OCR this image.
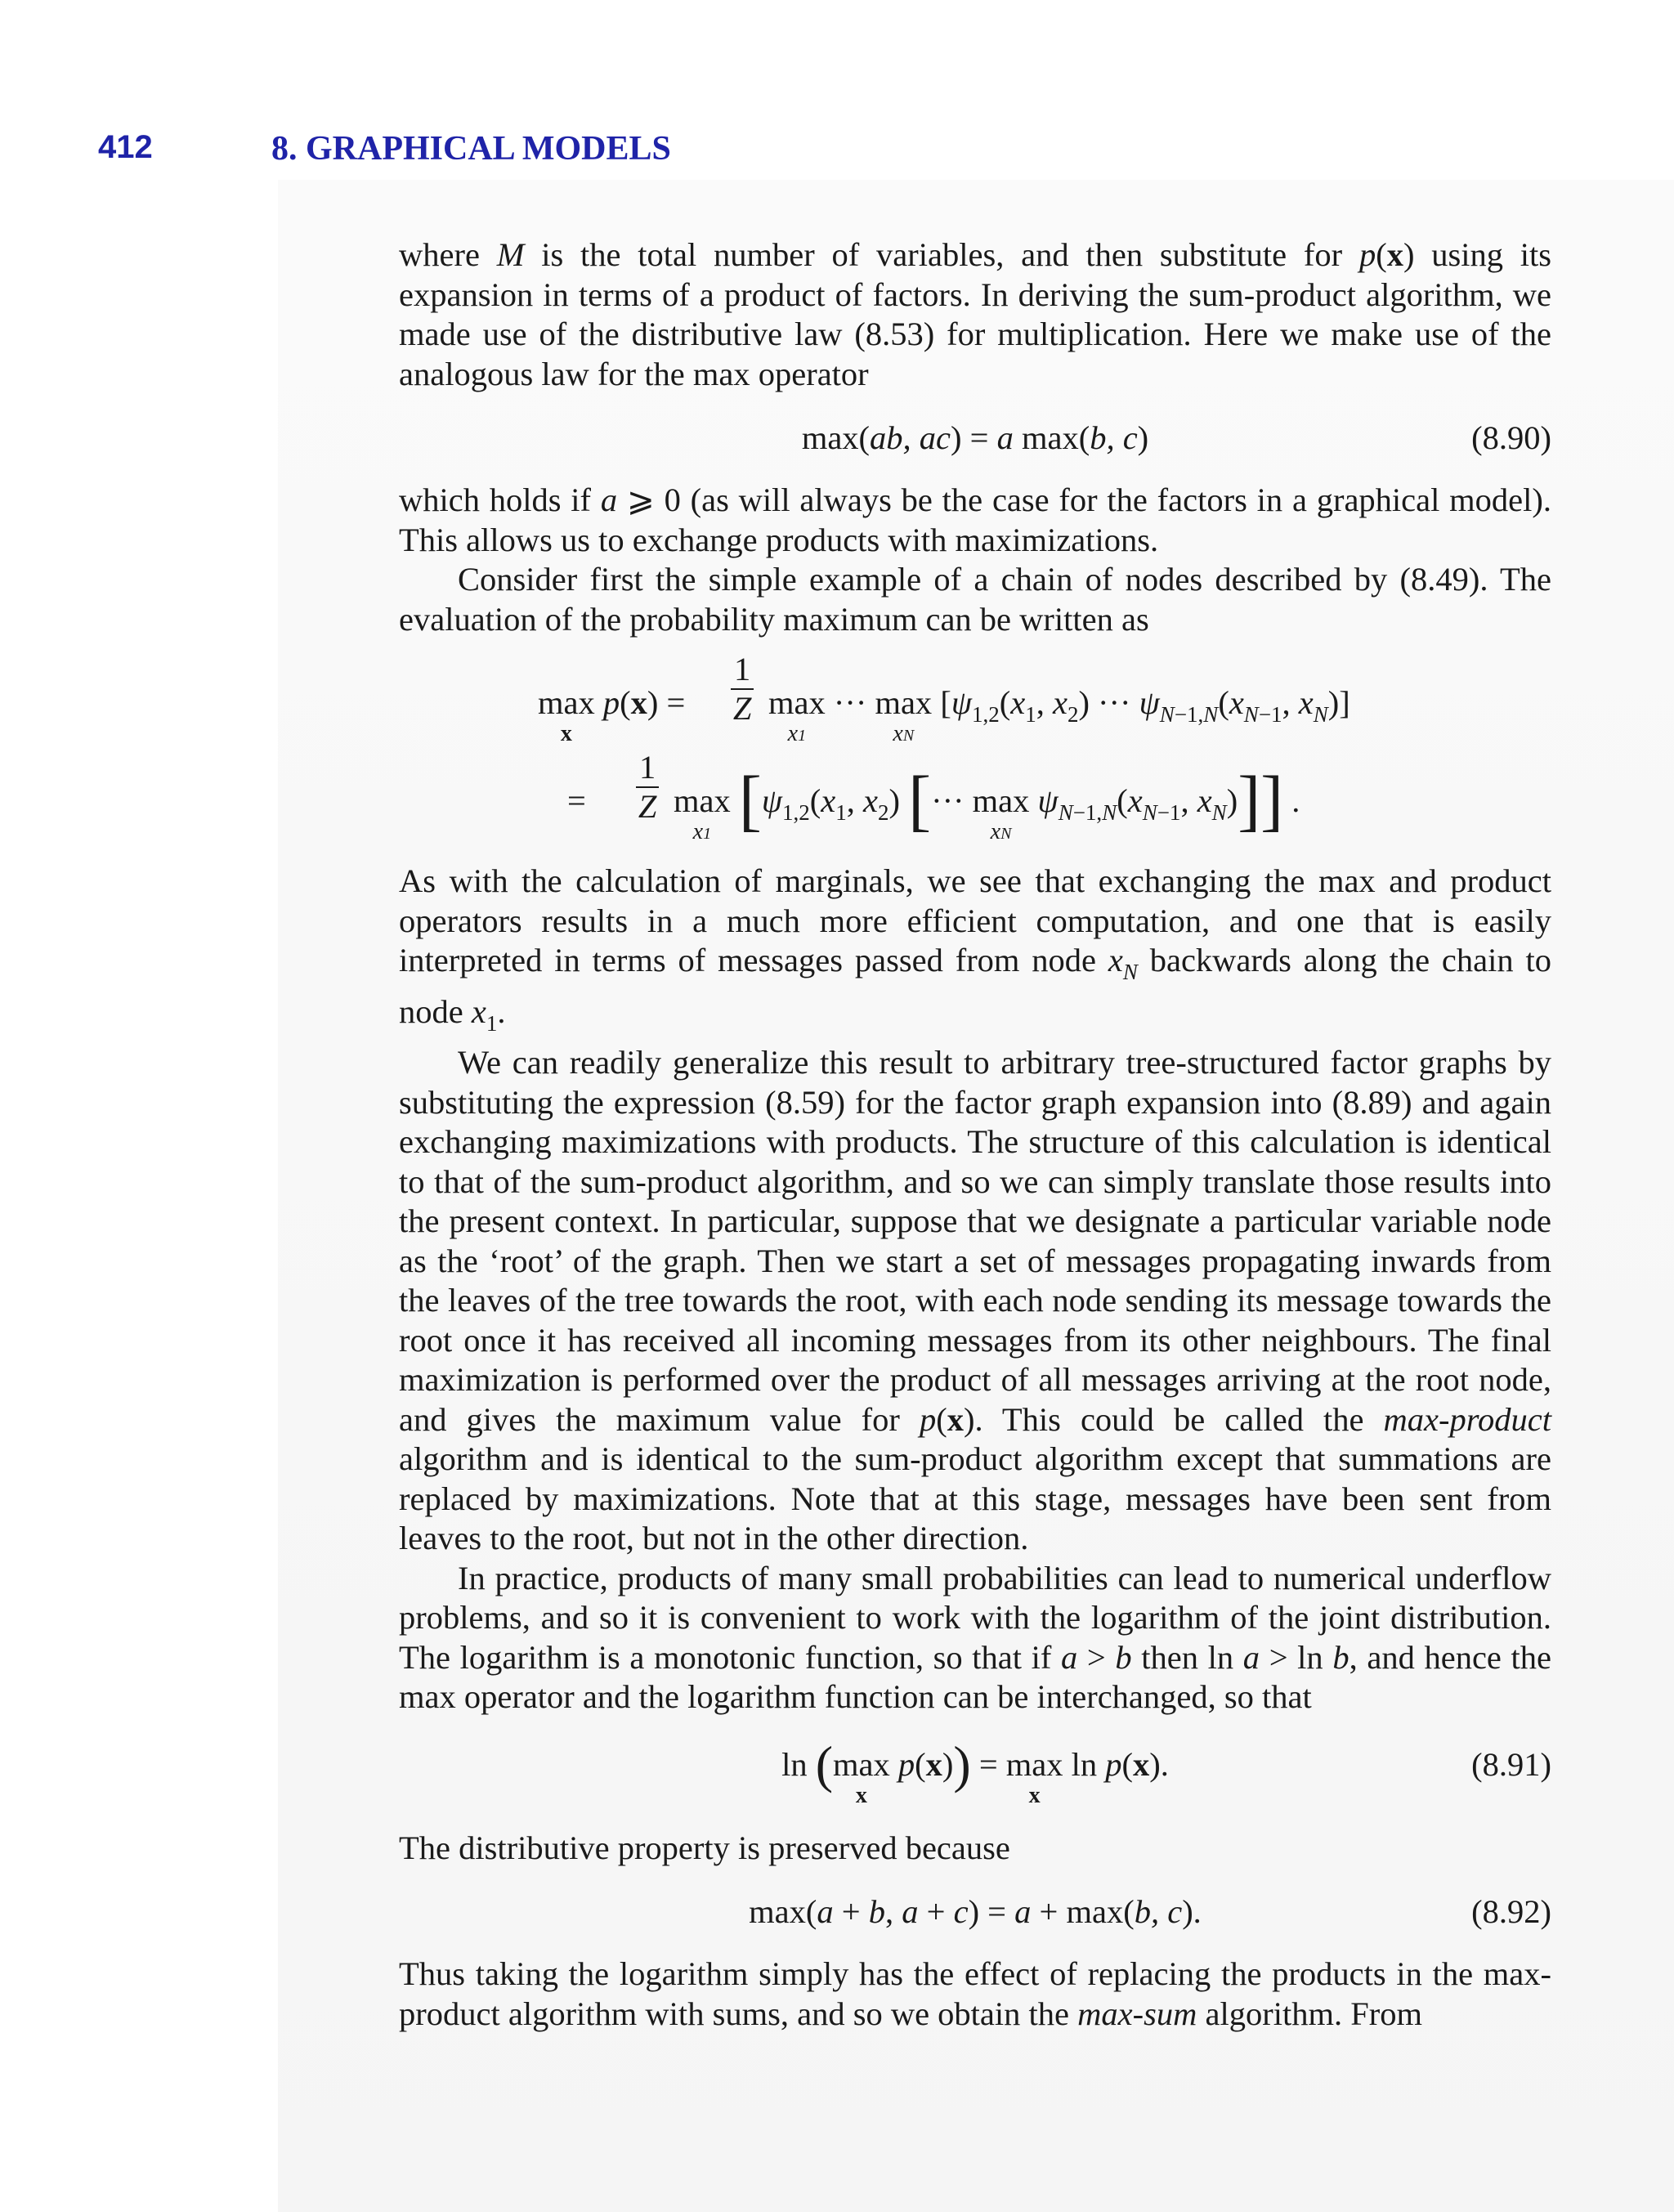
412	8. GRAPHICAL MODELS

where M is the total number of variables, and then substitute for p(x) using its expansion in terms of a product of factors. In deriving the sum-product algorithm, we made use of the distributive law (8.53) for multiplication. Here we make use of the analogous law for the max operator

max(ab, ac) = a max(b, c)	(8.90)

which holds if a ⩾ 0 (as will always be the case for the factors in a graphical model). This allows us to exchange products with maximizations.

Consider first the simple example of a chain of nodes described by (8.49). The evaluation of the probability maximum can be written as

max
x
$p(x) = \frac{1}{Z}$ max
x1
··· max
xN
[$\psi_{1,2}(x_1$, $x_2$) ··· $\psi_{N-1,N}(x_{N-1}$, $x_N$)]
= $\frac{1}{Z}$ max
x1 [$\psi_{1,2}(x_1$, $x_2$) [··· max
xN
$\psi_{N-1,N}(x_{N-1}$, $x_N$)]] .

As with the calculation of marginals, we see that exchanging the max and product operators results in a much more efficient computation, and one that is easily interpreted in terms of messages passed from node $x_N$ backwards along the chain to node $x_1$.

We can readily generalize this result to arbitrary tree-structured factor graphs by substituting the expression (8.59) for the factor graph expansion into (8.89) and again exchanging maximizations with products. The structure of this calculation is identical to that of the sum-product algorithm, and so we can simply translate those results into the present context. In particular, suppose that we designate a particular variable node as the ‘root’ of the graph. Then we start a set of messages propagating inwards from the leaves of the tree towards the root, with each node sending its message towards the root once it has received all incoming messages from its other neighbours. The final maximization is performed over the product of all messages arriving at the root node, and gives the maximum value for p(x). This could be called the max-product algorithm and is identical to the sum-product algorithm except that summations are replaced by maximizations. Note that at this stage, messages have been sent from leaves to the root, but not in the other direction.

In practice, products of many small probabilities can lead to numerical underflow problems, and so it is convenient to work with the logarithm of the joint distribution. The logarithm is a monotonic function, so that if a > b then ln a > ln b, and hence the max operator and the logarithm function can be interchanged, so that

ln (max
x
p(x)) = max
x
ln p(x).	(8.91)

The distributive property is preserved because

max(a + b, a + c) = a + max(b, c).	(8.92)

Thus taking the logarithm simply has the effect of replacing the products in the max-product algorithm with sums, and so we obtain the max-sum algorithm. From
